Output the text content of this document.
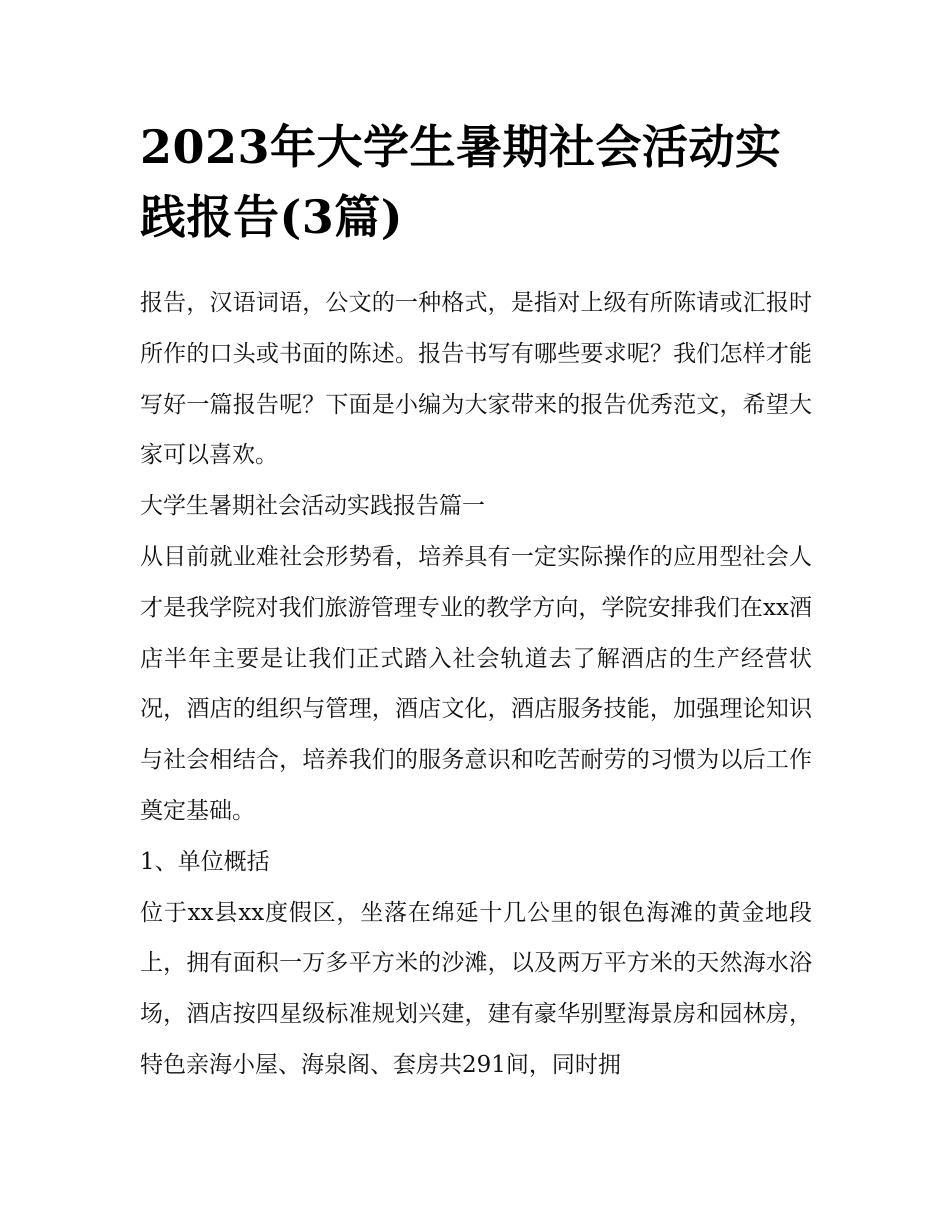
2023年大学生暑期社会活动实践报告(3篇)

报告，汉语词语，公文的一种格式，是指对上级有所陈请或汇报时所作的口头或书面的陈述。报告书写有哪些要求呢？我们怎样才能写好一篇报告呢？下面是小编为大家带来的报告优秀范文，希望大家可以喜欢。

大学生暑期社会活动实践报告篇一

从目前就业难社会形势看，培养具有一定实际操作的应用型社会人才是我学院对我们旅游管理专业的教学方向，学院安排我们在xx酒店半年主要是让我们正式踏入社会轨道去了解酒店的生产经营状况，酒店的组织与管理，酒店文化，酒店服务技能，加强理论知识与社会相结合，培养我们的服务意识和吃苦耐劳的习惯为以后工作奠定基础。

1、单位概括

位于xx县xx度假区，坐落在绵延十几公里的银色海滩的黄金地段上，拥有面积一万多平方米的沙滩，以及两万平方米的天然海水浴场，酒店按四星级标准规划兴建，建有豪华别墅海景房和园林房，特色亲海小屋、海泉阁、套房共291间，同时拥
